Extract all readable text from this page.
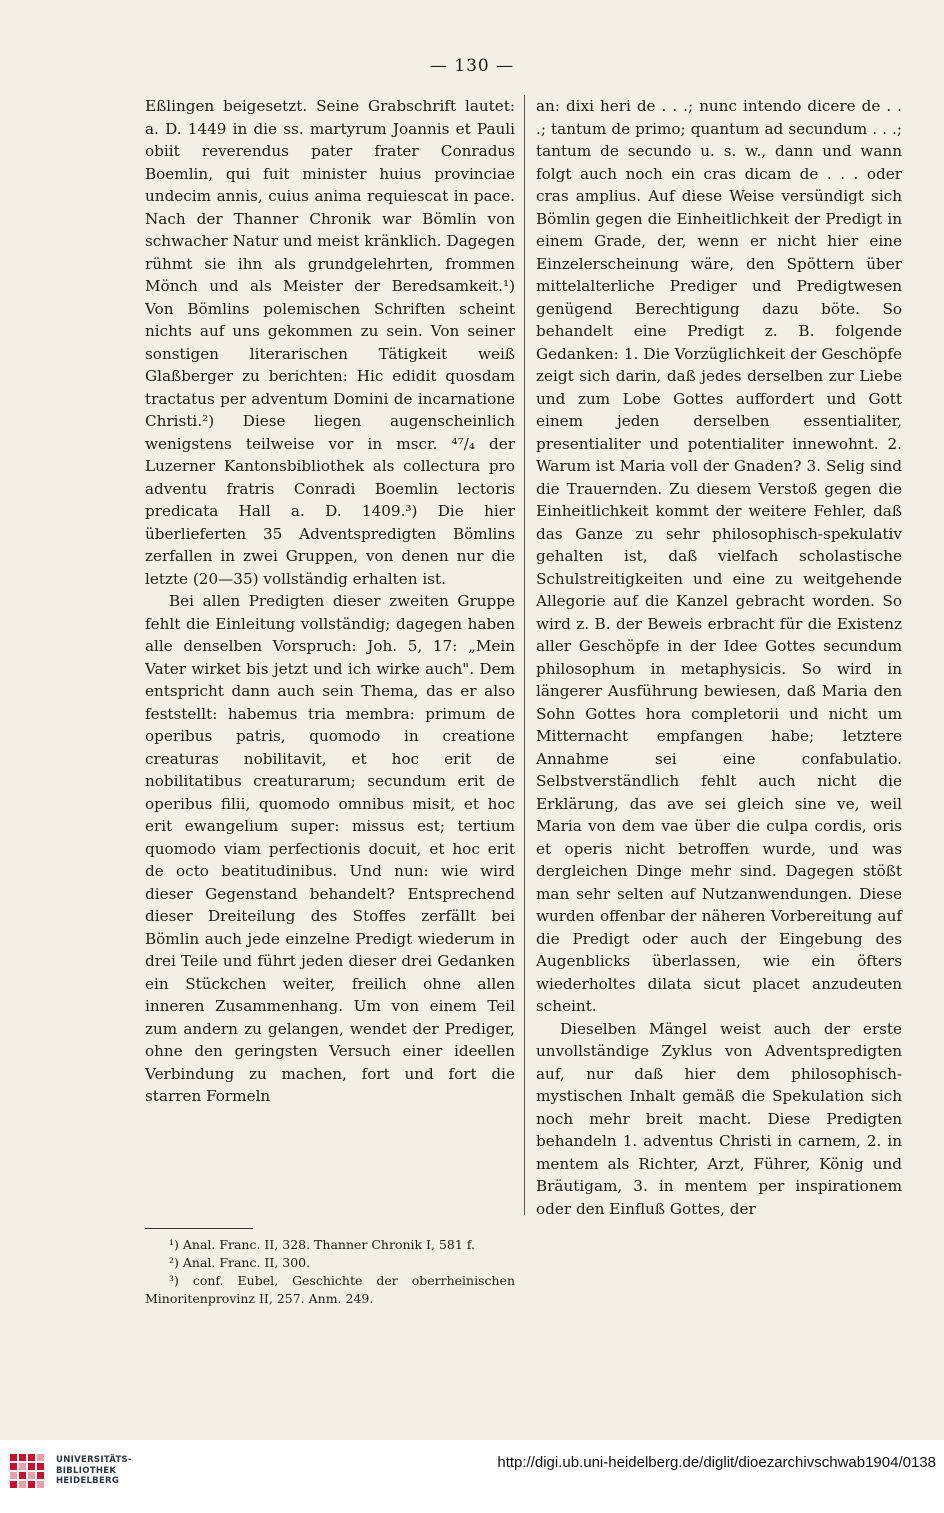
— 130 —

Eßlingen beigesetzt. Seine Grabschrift lautet: a. D. 1449 in die ss. martyrum Joannis et Pauli obiit reverendus pater frater Conradus Boemlin, qui fuit minister huius provinciae undecim annis, cuius anima requiescat in pace. Nach der Thanner Chronik war Bömlin von schwacher Natur und meist kränklich. Dagegen rühmt sie ihn als grundgelehrten, frommen Mönch und als Meister der Beredsamkeit.¹) Von Bömlins polemischen Schriften scheint nichts auf uns gekommen zu sein. Von seiner sonstigen literarischen Tätigkeit weiß Glaßberger zu berichten: Hic edidit quosdam tractatus per adventum Domini de incarnatione Christi.²) Diese liegen augenscheinlich wenigstens teilweise vor in mscr. ⁴⁷/₄ der Luzerner Kantonsbibliothek als collectura pro adventu fratris Conradi Boemlin lectoris predicata Hall a. D. 1409.³) Die hier überlieferten 35 Adventspredigten Bömlins zerfallen in zwei Gruppen, von denen nur die letzte (20—35) vollständig erhalten ist.

Bei allen Predigten dieser zweiten Gruppe fehlt die Einleitung vollständig; dagegen haben alle denselben Vorspruch: Joh. 5, 17: „Mein Vater wirket bis jetzt und ich wirke auch". Dem entspricht dann auch sein Thema, das er also feststellt: habemus tria membra: primum de operibus patris, quomodo in creatione creaturas nobilitavit, et hoc erit de nobilitatibus creaturarum; secundum erit de operibus filii, quomodo omnibus misit, et hoc erit ewangelium super: missus est; tertium quomodo viam perfectionis docuit, et hoc erit de octo beatitudinibus. Und nun: wie wird dieser Gegenstand behandelt? Entsprechend dieser Dreiteilung des Stoffes zerfällt bei Bömlin auch jede einzelne Predigt wiederum in drei Teile und führt jeden dieser drei Gedanken ein Stückchen weiter, freilich ohne allen inneren Zusammenhang. Um von einem Teil zum andern zu gelangen, wendet der Prediger, ohne den geringsten Versuch einer ideellen Verbindung zu machen, fort und fort die starren Formeln

an: dixi heri de . . .; nunc intendo dicere de . . .; tantum de primo; quantum ad secundum . . .; tantum de secundo u. s. w., dann und wann folgt auch noch ein cras dicam de . . . oder cras amplius. Auf diese Weise versündigt sich Bömlin gegen die Einheitlichkeit der Predigt in einem Grade, der, wenn er nicht hier eine Einzelerscheinung wäre, den Spöttern über mittelalterliche Prediger und Predigtwesen genügend Berechtigung dazu böte. So behandelt eine Predigt z. B. folgende Gedanken: 1. Die Vorzüglichkeit der Geschöpfe zeigt sich darin, daß jedes derselben zur Liebe und zum Lobe Gottes auffordert und Gott einem jeden derselben essentialiter, presentialiter und potentialiter innewohnt. 2. Warum ist Maria voll der Gnaden? 3. Selig sind die Trauernden. Zu diesem Verstoß gegen die Einheitlichkeit kommt der weitere Fehler, daß das Ganze zu sehr philosophisch-spekulativ gehalten ist, daß vielfach scholastische Schulstreitigkeiten und eine zu weitgehende Allegorie auf die Kanzel gebracht worden. So wird z. B. der Beweis erbracht für die Existenz aller Geschöpfe in der Idee Gottes secundum philosophum in metaphysicis. So wird in längerer Ausführung bewiesen, daß Maria den Sohn Gottes hora completorii und nicht um Mitternacht empfangen habe; letztere Annahme sei eine confabulatio. Selbstverständlich fehlt auch nicht die Erklärung, das ave sei gleich sine ve, weil Maria von dem vae über die culpa cordis, oris et operis nicht betroffen wurde, und was dergleichen Dinge mehr sind. Dagegen stößt man sehr selten auf Nutzanwendungen. Diese wurden offenbar der näheren Vorbereitung auf die Predigt oder auch der Eingebung des Augenblicks überlassen, wie ein öfters wiederholtes dilata sicut placet anzudeuten scheint.

Dieselben Mängel weist auch der erste unvollständige Zyklus von Adventspredigten auf, nur daß hier dem philosophisch-mystischen Inhalt gemäß die Spekulation sich noch mehr breit macht. Diese Predigten behandeln 1. adventus Christi in carnem, 2. in mentem als Richter, Arzt, Führer, König und Bräutigam, 3. in mentem per inspirationem oder den Einfluß Gottes, der

¹) Anal. Franc. II, 328. Thanner Chronik I, 581 f.

²) Anal. Franc. II, 300.

³) conf. Eubel, Geschichte der oberrheinischen Minoritenprovinz II, 257. Anm. 249.

UNIVERSITÄTS-
BIBLIOTHEK
HEIDELBERG
http://digi.ub.uni-heidelberg.de/diglit/dioezarchivschwab1904/0138
